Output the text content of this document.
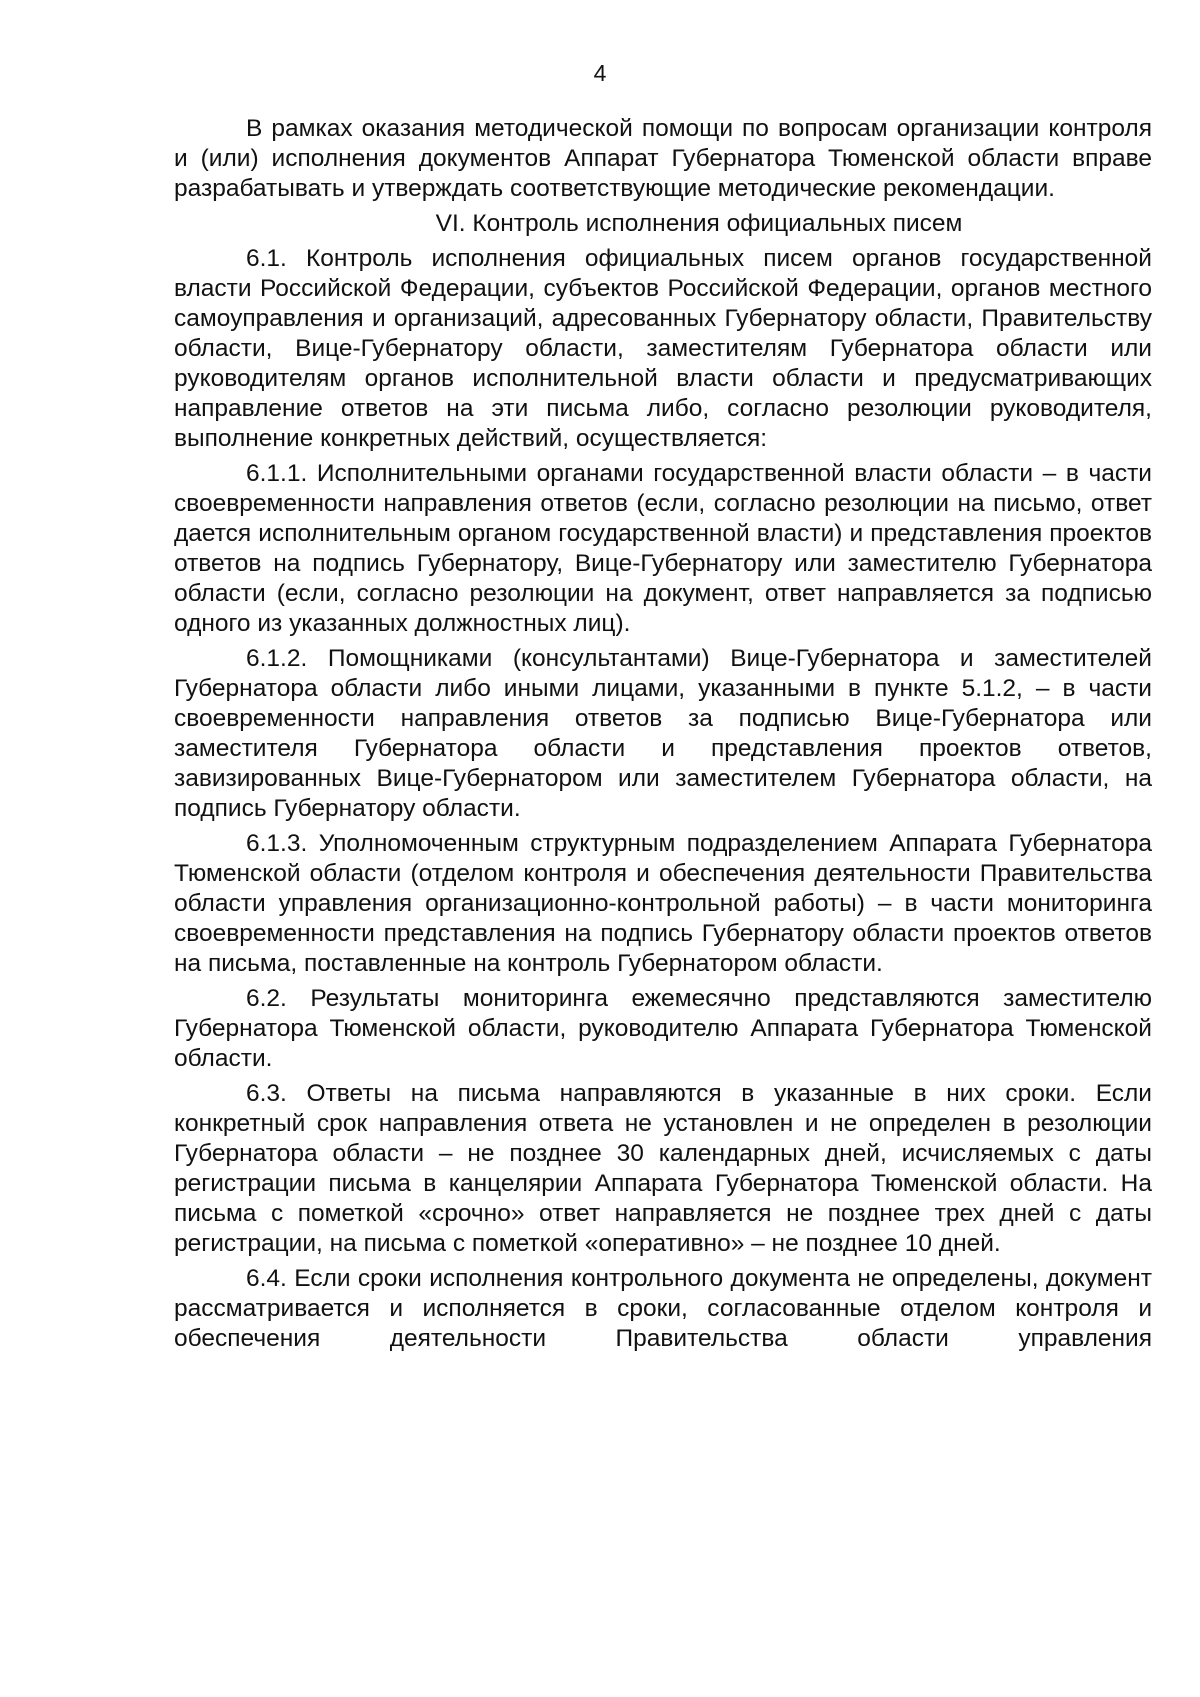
4

В рамках оказания методической помощи по вопросам организации контроля и (или) исполнения документов Аппарат Губернатора Тюменской области вправе разрабатывать и утверждать соответствующие методические рекомендации.

VI. Контроль исполнения официальных писем

6.1. Контроль исполнения официальных писем органов государственной власти Российской Федерации, субъектов Российской Федерации, органов местного самоуправления и организаций, адресованных Губернатору области, Правительству области, Вице-Губернатору области, заместителям Губернатора области или руководителям органов исполнительной власти области и предусматривающих направление ответов на эти письма либо, согласно резолюции руководителя, выполнение конкретных действий, осуществляется:

6.1.1. Исполнительными органами государственной власти области – в части своевременности направления ответов (если, согласно резолюции на письмо, ответ дается исполнительным органом государственной власти) и представления проектов ответов на подпись Губернатору, Вице-Губернатору или заместителю Губернатора области (если, согласно резолюции на документ, ответ направляется за подписью одного из указанных должностных лиц).

6.1.2. Помощниками (консультантами) Вице-Губернатора и заместителей Губернатора области либо иными лицами, указанными в пункте 5.1.2, – в части своевременности направления ответов за подписью Вице-Губернатора или заместителя Губернатора области и представления проектов ответов, завизированных Вице-Губернатором или заместителем Губернатора области, на подпись Губернатору области.

6.1.3. Уполномоченным структурным подразделением Аппарата Губернатора Тюменской области (отделом контроля и обеспечения деятельности Правительства области управления организационно-контрольной работы) – в части мониторинга своевременности представления на подпись Губернатору области проектов ответов на письма, поставленные на контроль Губернатором области.

6.2. Результаты мониторинга ежемесячно представляются заместителю Губернатора Тюменской области, руководителю Аппарата Губернатора Тюменской области.

6.3. Ответы на письма направляются в указанные в них сроки. Если конкретный срок направления ответа не установлен и не определен в резолюции Губернатора области – не позднее 30 календарных дней, исчисляемых с даты регистрации письма в канцелярии Аппарата Губернатора Тюменской области. На письма с пометкой «срочно» ответ направляется не позднее трех дней с даты регистрации, на письма с пометкой «оперативно» – не позднее 10 дней.

6.4. Если сроки исполнения контрольного документа не определены, документ рассматривается и исполняется в сроки, согласованные отделом контроля и обеспечения деятельности Правительства области управления
